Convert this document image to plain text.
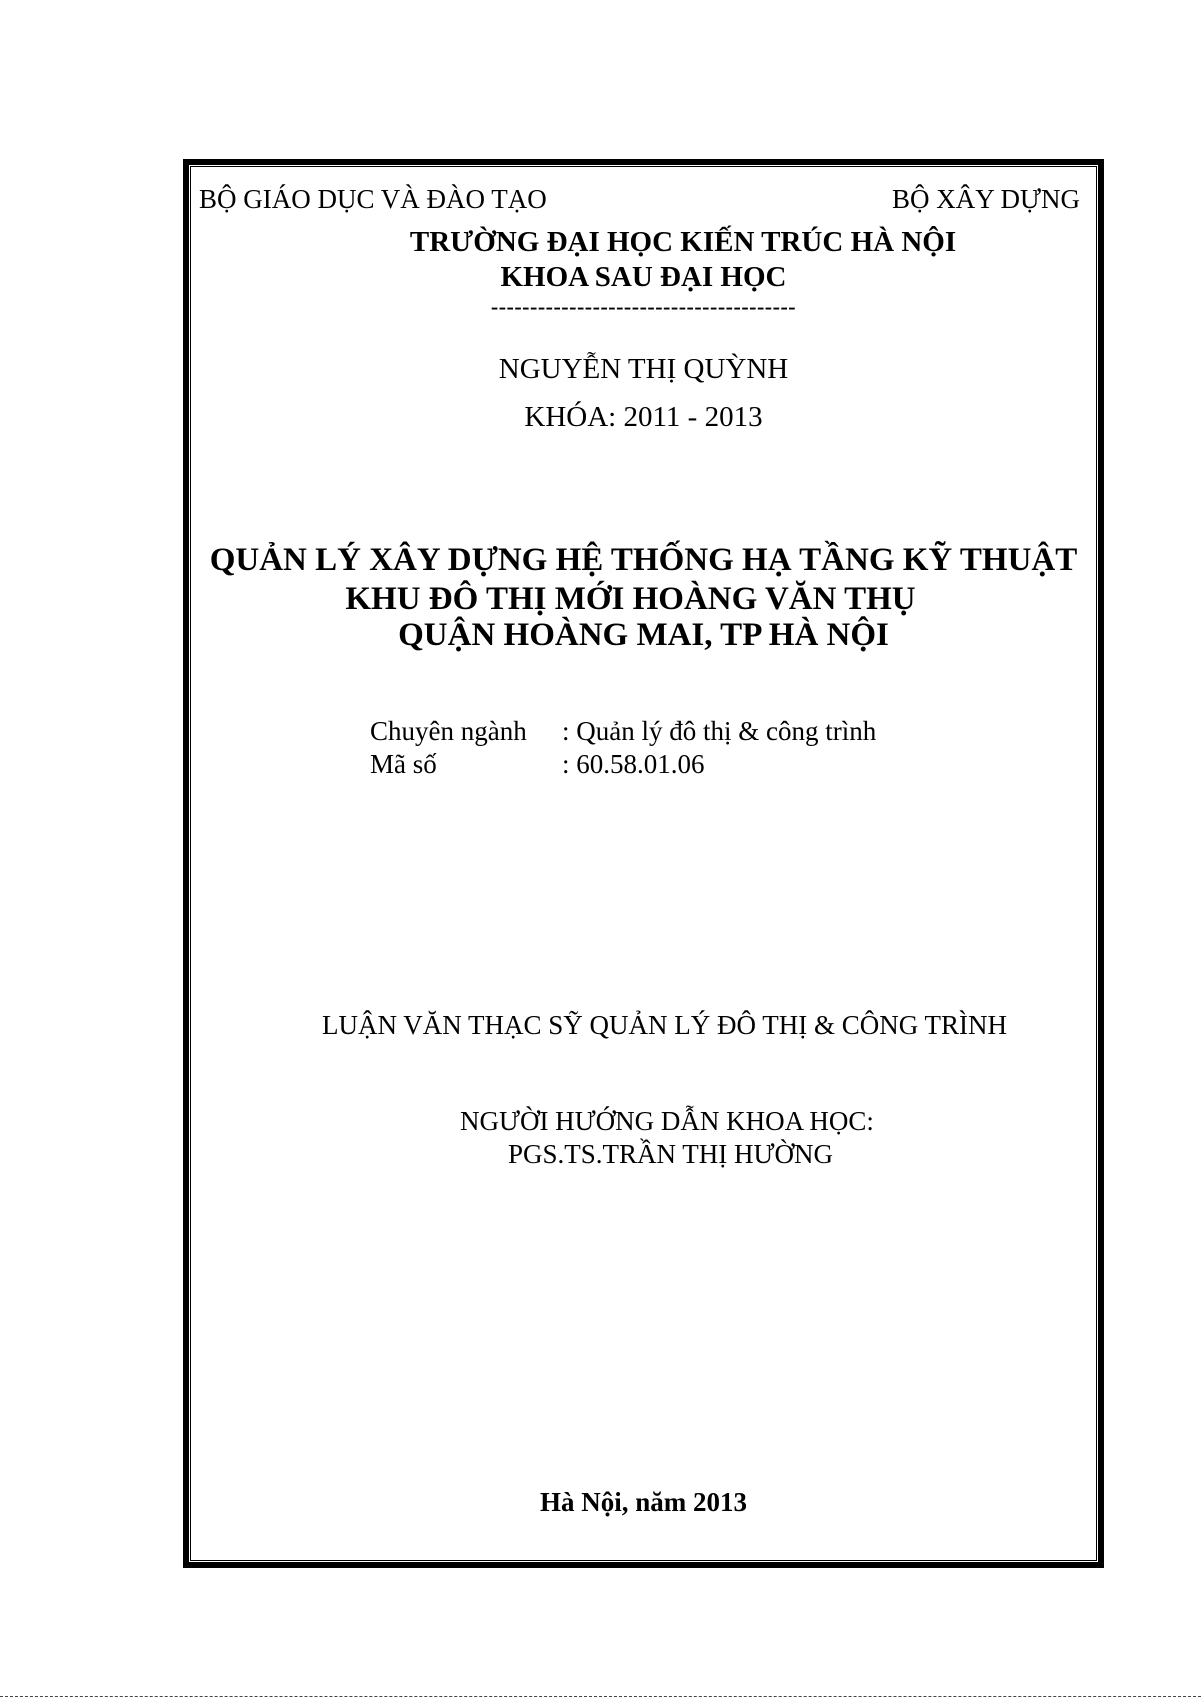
BỘ GIÁO DỤC VÀ ĐÀO TẠO	BỘ XÂY DỰNG
TRƯỜNG ĐẠI HỌC KIẾN TRÚC HÀ NỘI
KHOA SAU ĐẠI HỌC
---------------------------------------
NGUYỄN THỊ QUỲNH
KHÓA: 2011 - 2013
QUẢN LÝ XÂY DỰNG HỆ THỐNG HẠ TẦNG KỸ THUẬT
KHU ĐÔ THỊ MỚI HOÀNG VĂN THỤ
QUẬN HOÀNG MAI, TP HÀ NỘI
Chuyên ngành : Quản lý đô thị & công trình
Mã số	: 60.58.01.06
LUẬN VĂN THẠC SỸ QUẢN LÝ ĐÔ THỊ & CÔNG TRÌNH
NGƯỜI HƯỚNG DẪN KHOA HỌC:
PGS.TS.TRẦN THỊ HƯỜNG
Hà Nội, năm 2013
